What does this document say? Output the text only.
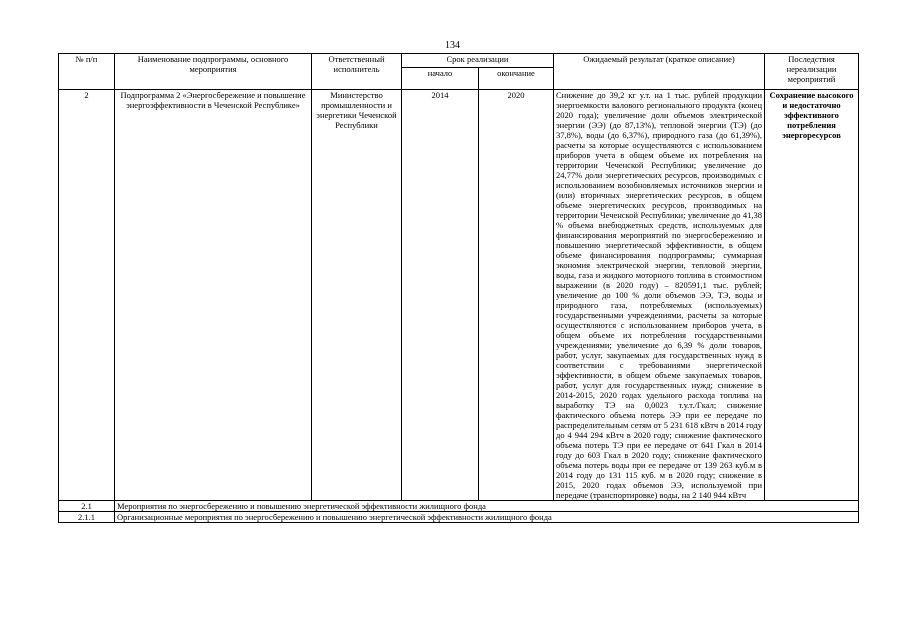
134
№ п/п	Наименование подпрограммы, основного мероприятия	Ответственный исполнитель	Срок реализации		Ожидаемый результат (краткое описание)	Последствия нереализации мероприятий
			начало	окончание		
2	Подпрограмма 2 «Энергосбережение и повышение энергоэффективности в Чеченской Республике»	Министерство промышленности и энергетики Чеченской Республики	2014	2020	Снижение до 39,2 кг у.т. на 1 тыс. рублей продукции энергоемкости валового регионального продукта (конец 2020 года); увеличение доли объемов электрической энергии (ЭЭ) (до 87,13%), тепловой энергии (ТЭ) (до 37,8%), воды (до 6,37%), природного газа (до 61,39%), расчеты за которые осуществляются с использованием приборов учета в общем объеме их потребления на территории Чеченской Республики; увеличение до 24,77% доли энергетических ресурсов, производимых с использованием возобновляемых источников энергии и (или) вторичных энергетических ресурсов, в общем объеме энергетических ресурсов, производимых на территории Чеченской Республики; увеличение до 41,38 % объема внебюджетных средств, используемых для финансирования мероприятий по энергосбережению и повышению энергетической эффективности, в общем объеме финансирования подпрограммы; суммарная экономия электрической энергии, тепловой энергии, воды, газа и жидкого моторного топлива в стоимостном выражении (в 2020 году) – 820591,1 тыс. рублей; увеличение до 100 % доли объемов ЭЭ, ТЭ, воды и природного газа, потребляемых (используемых) государственными учреждениями, расчеты за которые осуществляются с использованием приборов учета, в общем объеме их потребления государственными учреждениями; увеличение до 6,39 % доли товаров, работ, услуг, закупаемых для государственных нужд в соответствии с требованиями энергетической эффективности, в общем объеме закупаемых товаров, работ, услуг для государственных нужд; снижение в 2014-2015, 2020 годах удельного расхода топлива на выработку ТЭ на 0,0023 т.у.т./Гкал; снижение фактического объема потерь ЭЭ при ее передаче по распределительным сетям от 5 231 618 кВтч в 2014 году до 4 944 294 кВтч в 2020 году; снижение фактического объема потерь ТЭ при ее передаче от 641 Гкал в 2014 году до 603 Гкал в 2020 году; снижение фактического объема потерь воды при ее передаче от 139 263 куб.м в 2014 году до 131 115 куб. м в 2020 году; снижение в 2015, 2020 годах объемов ЭЭ, используемой при передаче (транспортировке) воды, на 2 140 944 кВтч	Сохранение высокого и недостаточно эффективного потребления энергоресурсов
2.1	Мероприятия по энергосбережению и повышению энергетической эффективности жилищного фонда					
2.1.1	Организационные мероприятия по энергосбережению и повышению энергетической эффективности жилищного фонда					
